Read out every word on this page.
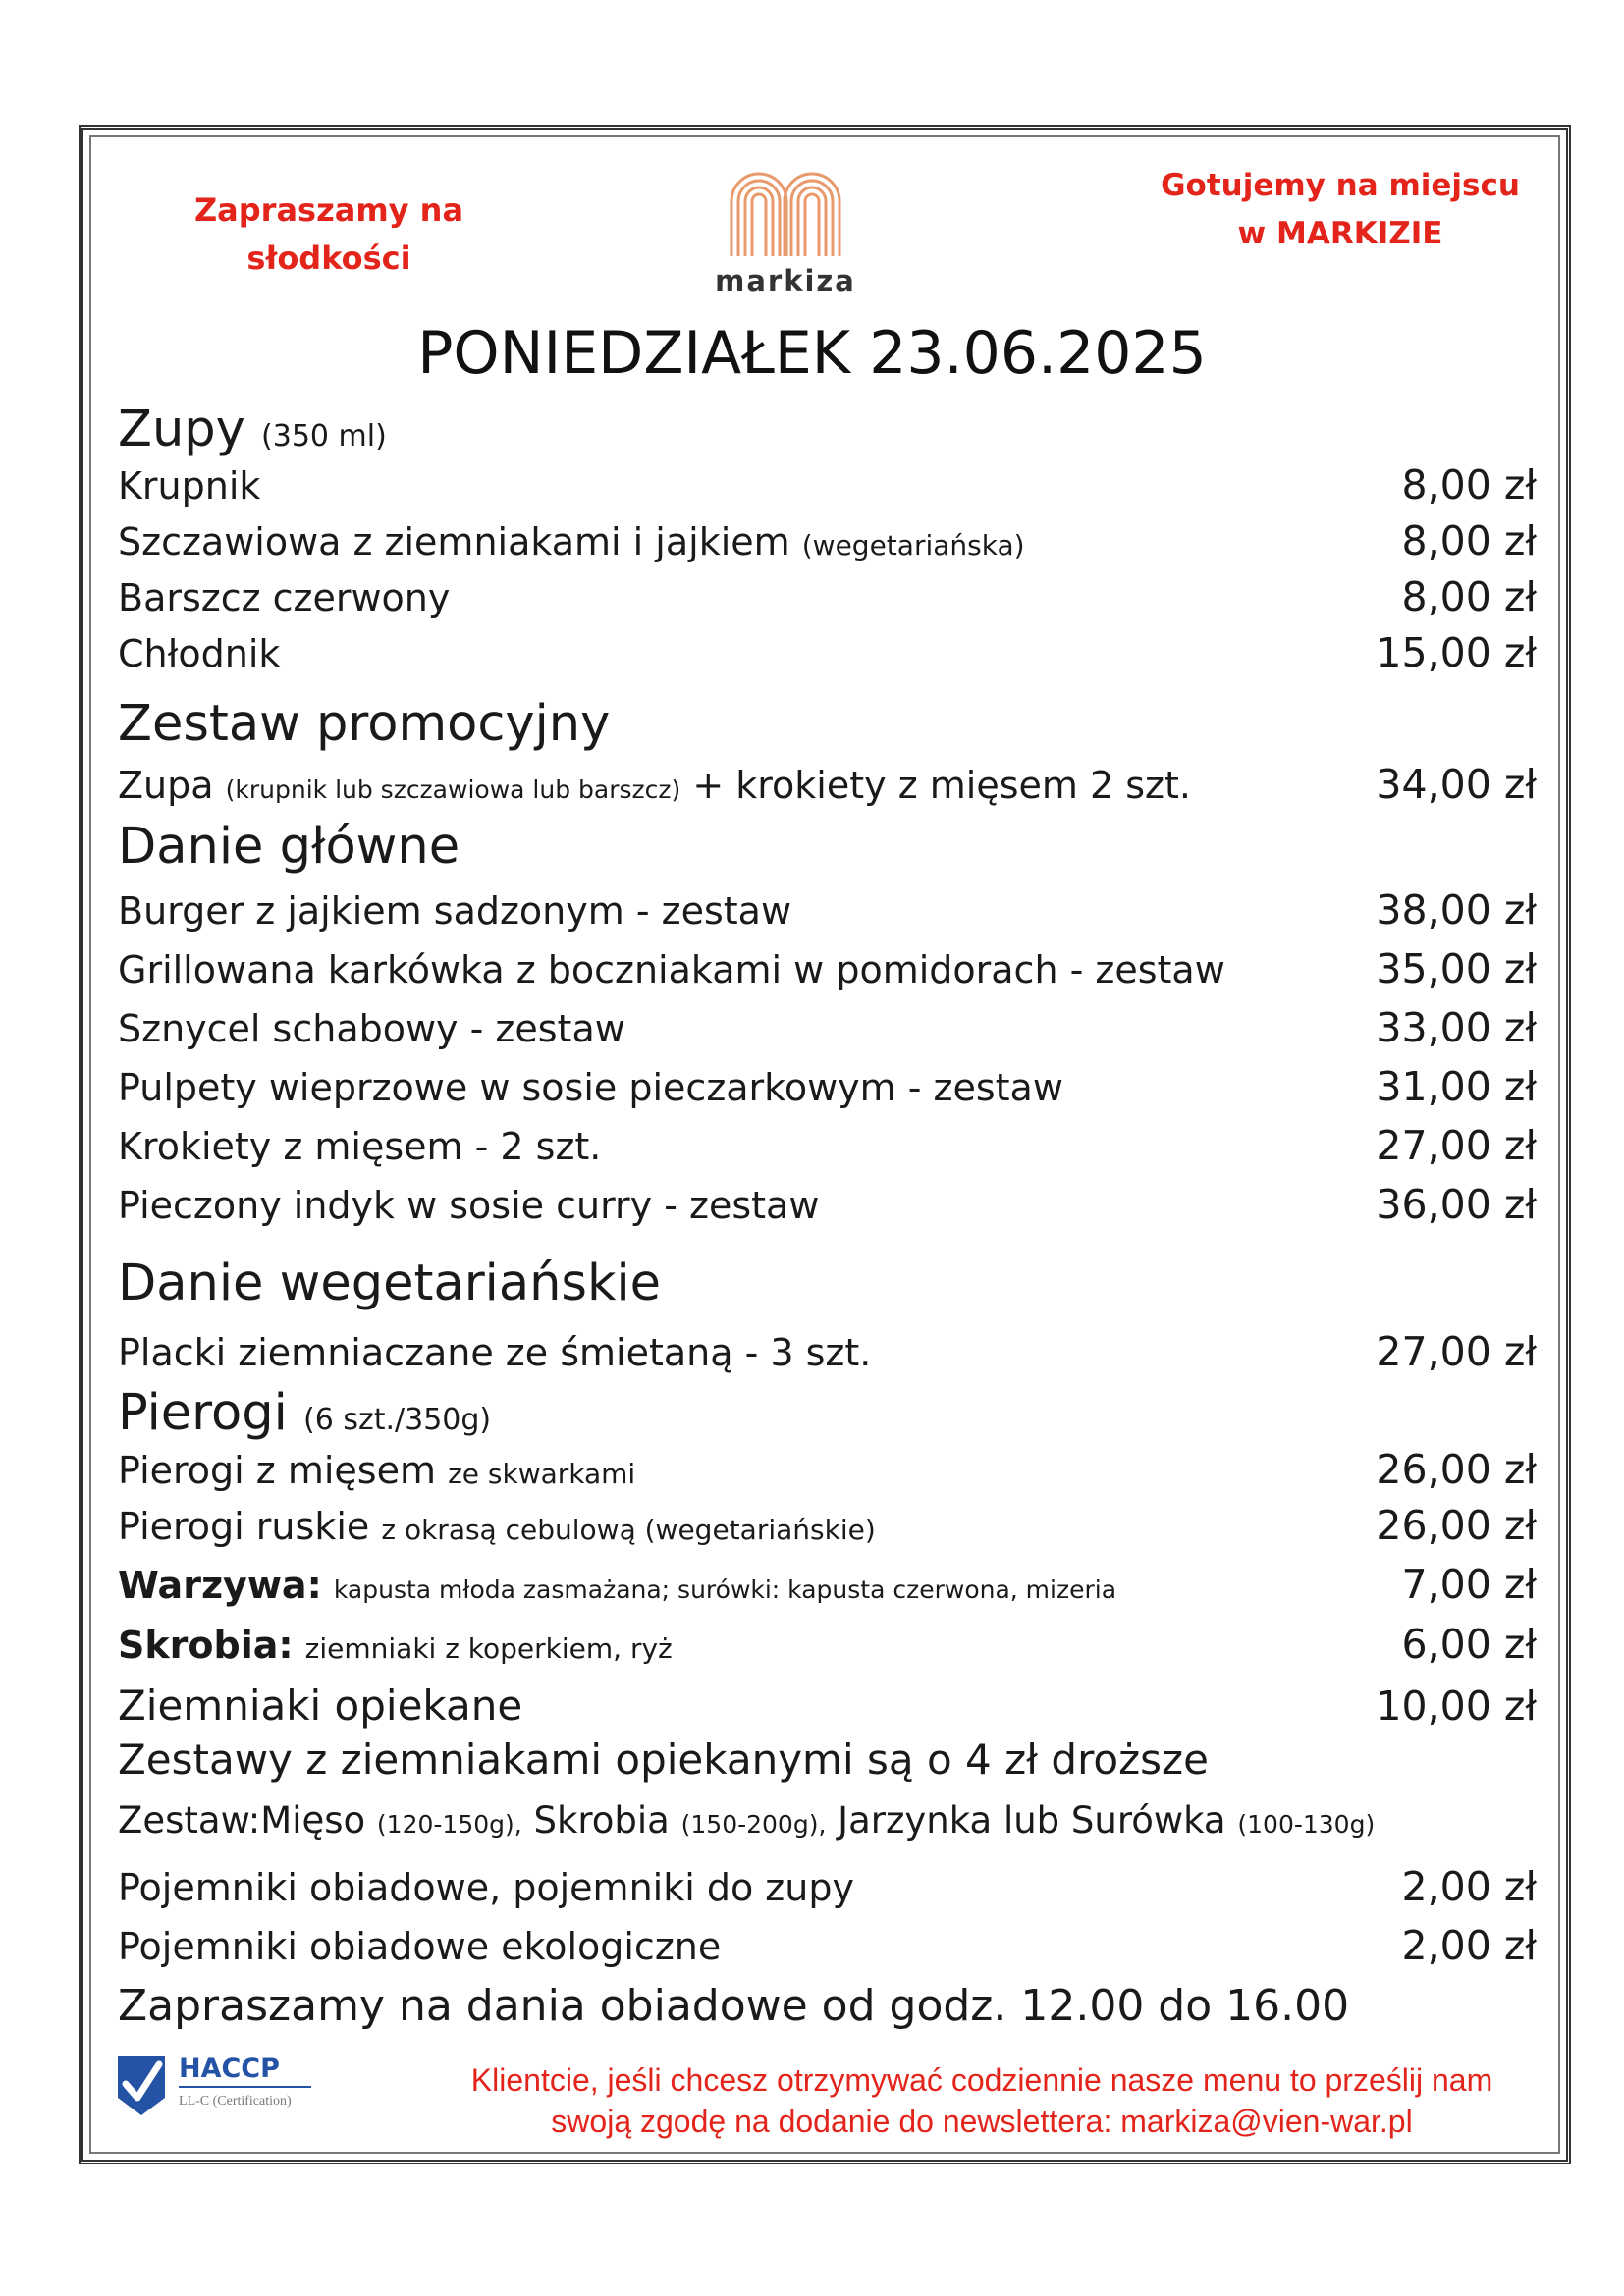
Zapraszamy na
słodkości
markiza
Gotujemy na miejscu
w MARKIZIE
PONIEDZIAŁEK 23.06.2025
Zupy (350 ml)
Krupnik	8,00 zł
Szczawiowa z ziemniakami i jajkiem (wegetariańska)	8,00 zł
Barszcz czerwony	8,00 zł
Chłodnik	15,00 zł
Zestaw promocyjny
Zupa (krupnik lub szczawiowa lub barszcz) + krokiety z mięsem 2 szt.	34,00 zł
Danie główne
Burger z jajkiem sadzonym - zestaw	38,00 zł
Grillowana karkówka z boczniakami w pomidorach - zestaw	35,00 zł
Sznycel schabowy - zestaw	33,00 zł
Pulpety wieprzowe w sosie pieczarkowym - zestaw	31,00 zł
Krokiety z mięsem - 2 szt.	27,00 zł
Pieczony indyk w sosie curry - zestaw	36,00 zł
Danie wegetariańskie
Placki ziemniaczane ze śmietaną - 3 szt.	27,00 zł
Pierogi (6 szt./350g)
Pierogi z mięsem ze skwarkami	26,00 zł
Pierogi ruskie z okrasą cebulową (wegetariańskie)	26,00 zł
Warzywa: kapusta młoda zasmażana; surówki: kapusta czerwona, mizeria	7,00 zł
Skrobia: ziemniaki z koperkiem, ryż	6,00 zł
Ziemniaki opiekane	10,00 zł
Zestawy z ziemniakami opiekanymi są o 4 zł droższe
Zestaw:Mięso (120-150g), Skrobia (150-200g), Jarzynka lub Surówka (100-130g)
Pojemniki obiadowe, pojemniki do zupy	2,00 zł
Pojemniki obiadowe ekologiczne	2,00 zł
Zapraszamy na dania obiadowe od godz. 12.00 do 16.00
HACCP
LL-C (Certification)
Klientcie, jeśli chcesz otrzymywać codziennie nasze menu to prześlij nam
swoją zgodę na dodanie do newslettera: markiza@vien-war.pl
